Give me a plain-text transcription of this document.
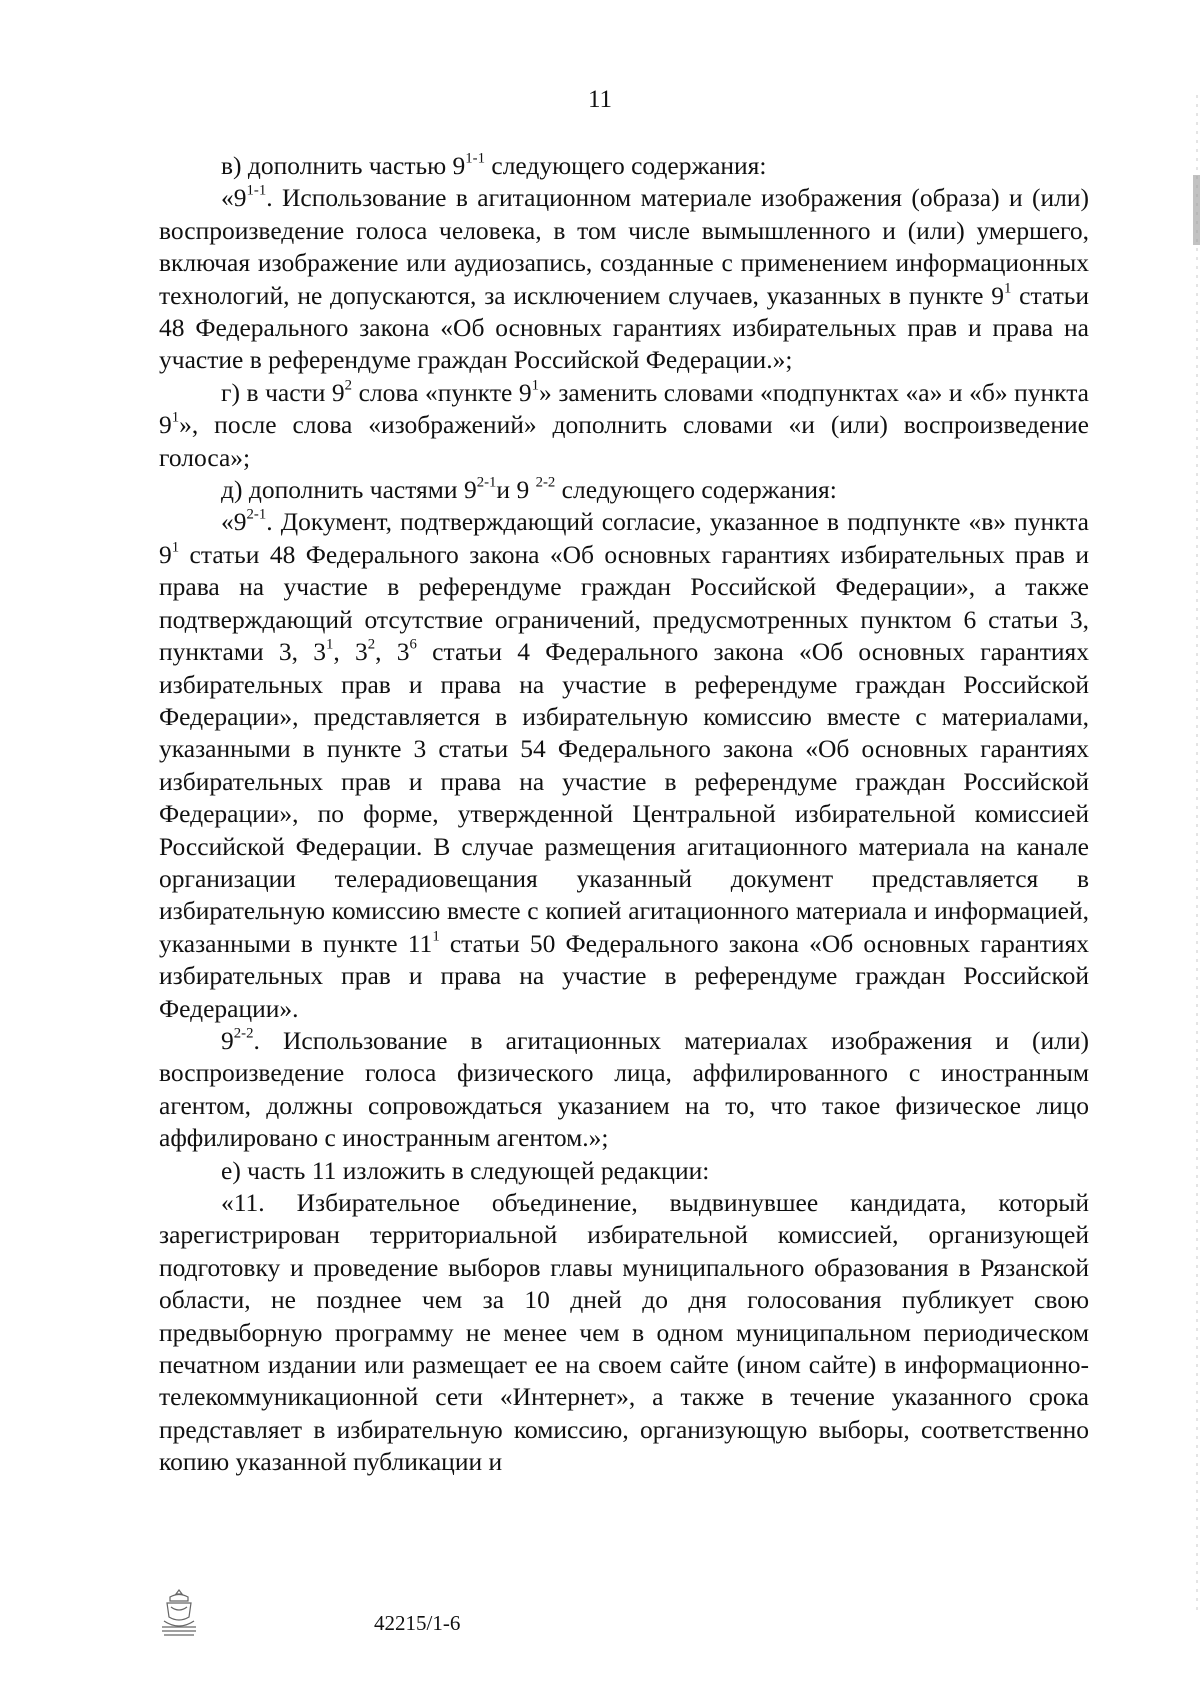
11

в) дополнить частью 9$^{1-1}$ следующего содержания:

«9$^{1-1}$. Использование в агитационном материале изображения (образа) и (или) воспроизведение голоса человека, в том числе вымышленного и (или) умершего, включая изображение или аудиозапись, созданные с применением информационных технологий, не допускаются, за исключением случаев, указанных в пункте $9^1$ статьи 48 Федерального закона «Об основных гарантиях избирательных прав и права на участие в референдуме граждан Российской Федерации.»;

г) в части $9^2$ слова «пункте $9^1$» заменить словами «подпунктах «а» и «б» пункта $9^1$», после слова «изображений» дополнить словами «и (или) воспроизведение голоса»;

д) дополнить частями 9$^{2-1}$и 9 $^{2-2}$ следующего содержания:

«9$^{2-1}$. Документ, подтверждающий согласие, указанное в подпункте «в» пункта $9^1$ статьи 48 Федерального закона «Об основных гарантиях избирательных прав и права на участие в референдуме граждан Российской Федерации», а также подтверждающий отсутствие ограничений, предусмотренных пунктом 6 статьи 3, пунктами 3, $3^1$, $3^2$, $3^6$ статьи 4 Федерального закона «Об основных гарантиях избирательных прав и права на участие в референдуме граждан Российской Федерации», представляется в избирательную комиссию вместе с материалами, указанными в пункте 3 статьи 54 Федерального закона «Об основных гарантиях избирательных прав и права на участие в референдуме граждан Российской Федерации», по форме, утвержденной Центральной избирательной комиссией Российской Федерации. В случае размещения агитационного материала на канале организации телерадиовещания указанный документ представляется в избирательную комиссию вместе с копией агитационного материала и информацией, указанными в пункте $11^1$ статьи 50 Федерального закона «Об основных гарантиях избирательных прав и права на участие в референдуме граждан Российской Федерации».

9$^{2-2}$. Использование в агитационных материалах изображения и (или) воспроизведение голоса физического лица, аффилированного с иностранным агентом, должны сопровождаться указанием на то, что такое физическое лицо аффилировано с иностранным агентом.»;

е) часть 11 изложить в следующей редакции:

«11. Избирательное объединение, выдвинувшее кандидата, который зарегистрирован территориальной избирательной комиссией, организующей подготовку и проведение выборов главы муниципального образования в Рязанской области, не позднее чем за 10 дней до дня голосования публикует свою предвыборную программу не менее чем в одном муниципальном периодическом печатном издании или размещает ее на своем сайте (ином сайте) в информационно-телекоммуникационной сети «Интернет», а также в течение указанного срока представляет в избирательную комиссию, организующую выборы, соответственно копию указанной публикации и

42215/1-6
